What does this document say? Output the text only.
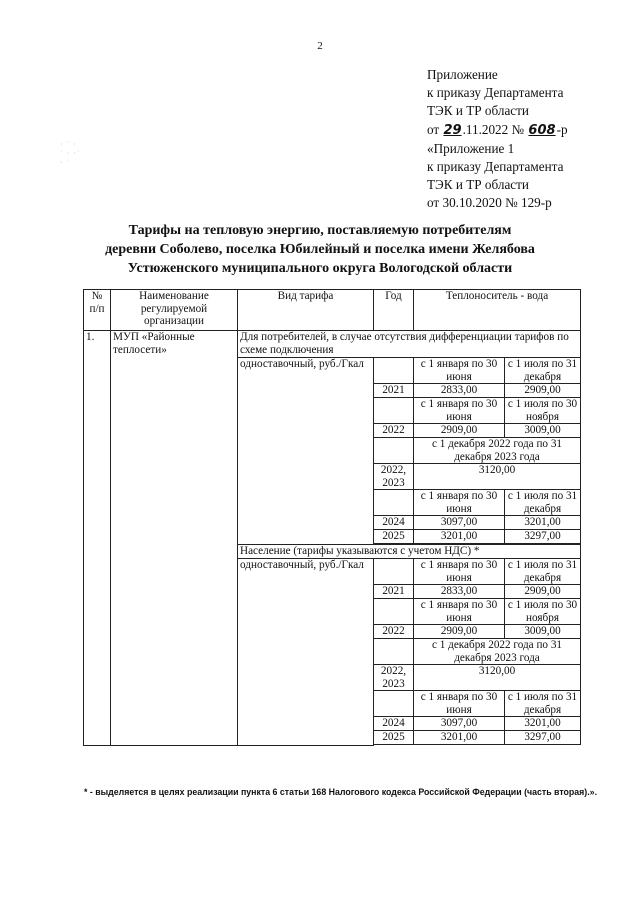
2
· ˙ ·
˙ · ·˙
· ˙
Приложение
к приказу Департамента
ТЭК и ТР области
от 29.11.2022 № 608-р
«Приложение 1
к приказу Департамента
ТЭК и ТР области
от 30.10.2020 № 129-р
Тарифы на тепловую энергию, поставляемую потребителям
деревни Соболево, поселка Юбилейный и поселка имени Желябова
Устюженского муниципального округа Вологодской области
№ п/п	Наименование регулируемой организации	Вид тарифа	Год	Теплоноситель - вода	
1.	МУП «Районные теплосети»	Для потребителей, в случае отсутствия дифференциации тарифов по схеме подключения			
		одноставочный, руб./Гкал		с 1 января по 30 июня	с 1 июля по 31 декабря
			2021	2833,00	2909,00
				с 1 января по 30 июня	с 1 июля по 30 ноября
			2022	2909,00	3009,00
				с 1 декабря 2022 года по 31 декабря 2023 года	
			2022, 2023	3120,00	
				с 1 января по 30 июня	с 1 июля по 31 декабря
			2024	3097,00	3201,00
			2025	3201,00	3297,00

		Население (тарифы указываются с учетом НДС) *			
		одноставочный, руб./Гкал		с 1 января по 30 июня	с 1 июля по 31 декабря
			2021	2833,00	2909,00
				с 1 января по 30 июня	с 1 июля по 30 ноября
			2022	2909,00	3009,00
				с 1 декабря 2022 года по 31 декабря 2023 года	
			2022, 2023	3120,00	
				с 1 января по 30 июня	с 1 июля по 31 декабря
			2024	3097,00	3201,00
			2025	3201,00	3297,00

* - выделяется в целях реализации пункта 6 статьи 168 Налогового кодекса Российской Федерации (часть вторая).».
